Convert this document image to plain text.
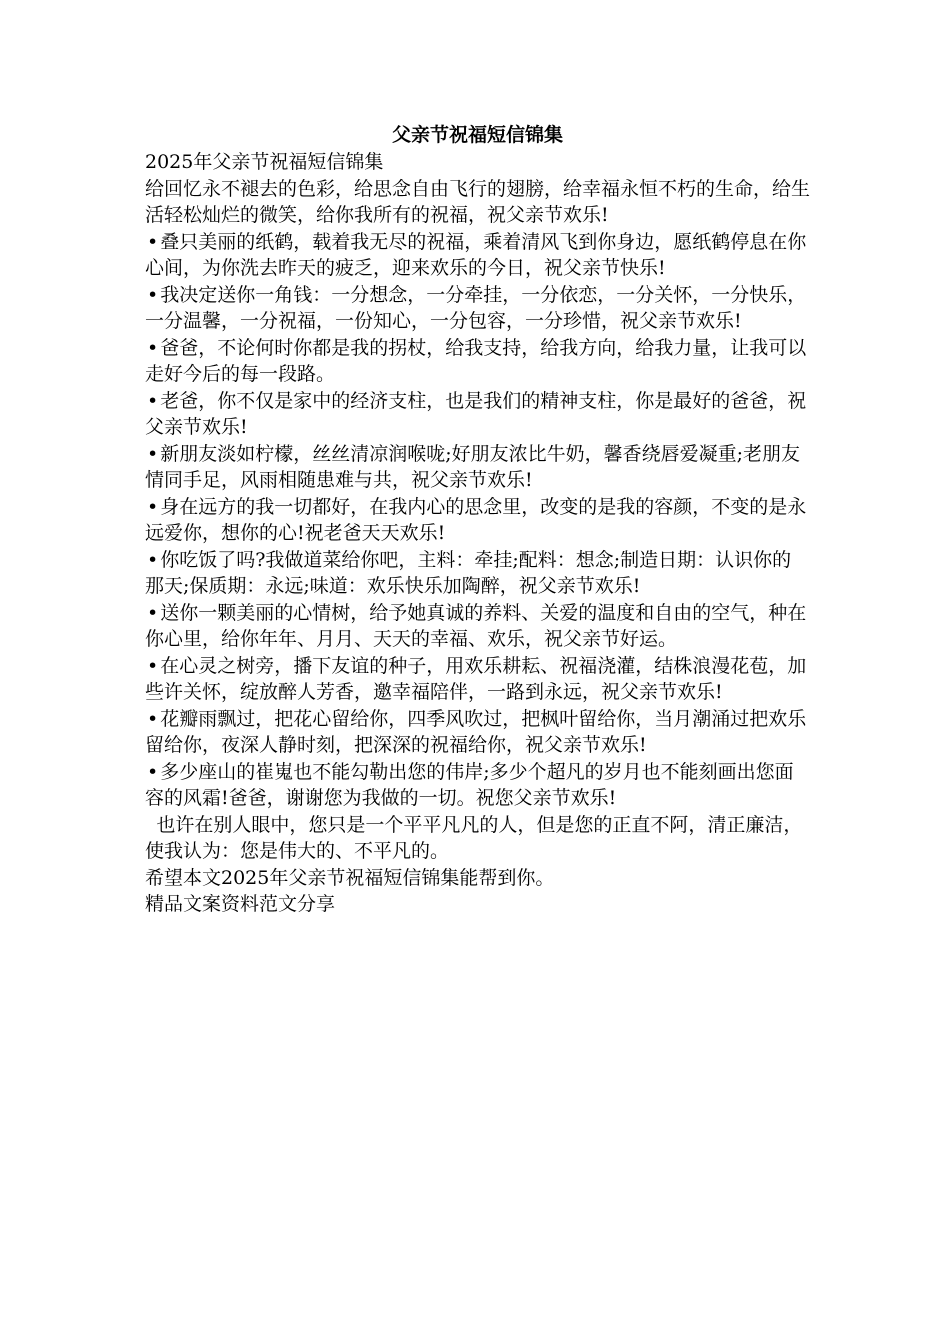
父亲节祝福短信锦集

2025年父亲节祝福短信锦集

给回忆永不褪去的色彩，给思念自由飞行的翅膀，给幸福永恒不朽的生命，给生活轻松灿烂的微笑，给你我所有的祝福，祝父亲节欢乐!

• 叠只美丽的纸鹤，载着我无尽的祝福，乘着清风飞到你身边，愿纸鹤停息在你心间，为你洗去昨天的疲乏，迎来欢乐的今日，祝父亲节快乐!

• 我决定送你一角钱：一分想念，一分牵挂，一分依恋，一分关怀，一分快乐，一分温馨，一分祝福，一份知心，一分包容，一分珍惜，祝父亲节欢乐!

• 爸爸，不论何时你都是我的拐杖，给我支持，给我方向，给我力量，让我可以走好今后的每一段路。

• 老爸，你不仅是家中的经济支柱，也是我们的精神支柱，你是最好的爸爸，祝父亲节欢乐!

• 新朋友淡如柠檬，丝丝清凉润喉咙;好朋友浓比牛奶，馨香绕唇爱凝重;老朋友情同手足，风雨相随患难与共，祝父亲节欢乐!

• 身在远方的我一切都好，在我内心的思念里，改变的是我的容颜，不变的是永远爱你，想你的心!祝老爸天天欢乐!

• 你吃饭了吗?我做道菜给你吧，主料：牵挂;配料：想念;制造日期：认识你的那天;保质期：永远;味道：欢乐快乐加陶醉，祝父亲节欢乐!

• 送你一颗美丽的心情树，给予她真诚的养料、关爱的温度和自由的空气，种在你心里，给你年年、月月、天天的幸福、欢乐，祝父亲节好运。

• 在心灵之树旁，播下友谊的种子，用欢乐耕耘、祝福浇灌，结株浪漫花苞，加些许关怀，绽放醉人芳香，邀幸福陪伴，一路到永远，祝父亲节欢乐!

• 花瓣雨飘过，把花心留给你，四季风吹过，把枫叶留给你，当月潮涌过把欢乐留给你，夜深人静时刻，把深深的祝福给你，祝父亲节欢乐!

• 多少座山的崔嵬也不能勾勒出您的伟岸;多少个超凡的岁月也不能刻画出您面容的风霜!爸爸，谢谢您为我做的一切。祝您父亲节欢乐!

也许在别人眼中，您只是一个平平凡凡的人，但是您的正直不阿，清正廉洁，使我认为：您是伟大的、不平凡的。

希望本文2025年父亲节祝福短信锦集能帮到你。

精品文案资料范文分享
